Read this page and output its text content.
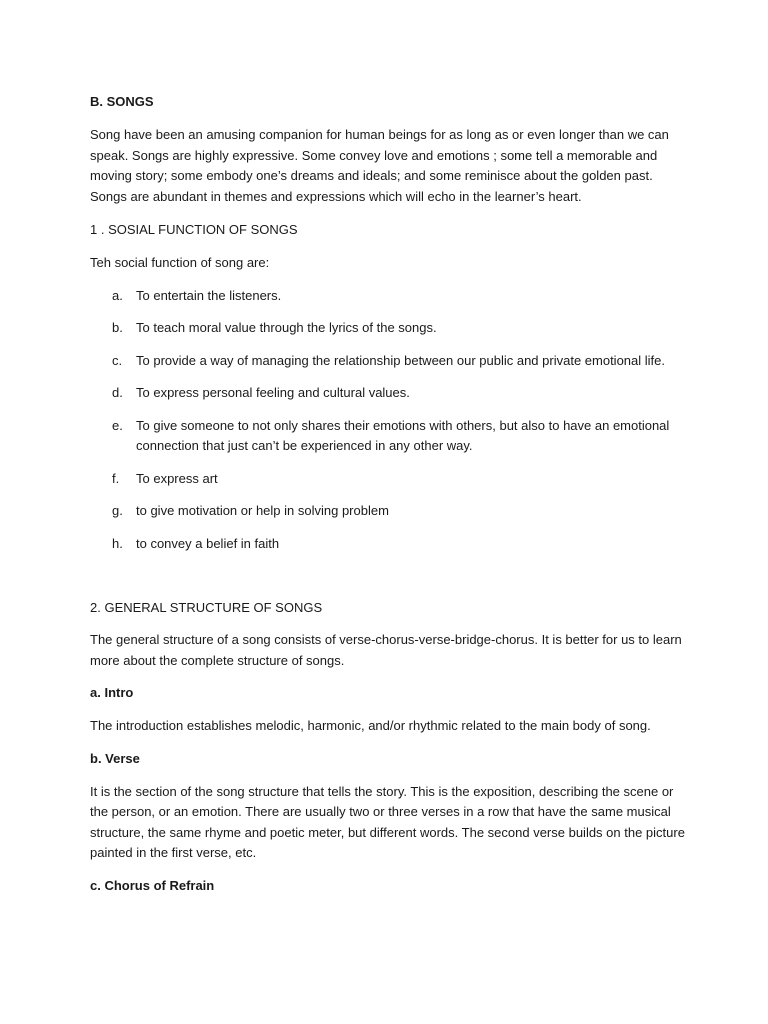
B. SONGS

Song have been an amusing companion for human beings for as long as or even longer than we can speak. Songs are highly expressive. Some convey love and emotions ; some tell a memorable and moving story; some embody one’s dreams and ideals; and some reminisce about the golden past. Songs are abundant in themes and expressions which will echo in the learner’s heart.

1 . SOSIAL FUNCTION OF SONGS

Teh social function of song are:

a.	To entertain the listeners.
b.	To teach moral value through the lyrics of the songs.
c.	To provide a way of managing the relationship between our public and private emotional life.
d.	To express personal feeling and cultural values.
e.	To give someone to not only shares their emotions with others, but also to have an emotional connection that just can’t be experienced in any other way.
f.	To express art
g.	to give motivation or help in solving problem
h.	to convey a belief in faith

2. GENERAL STRUCTURE OF SONGS

The general structure of a song consists of verse-chorus-verse-bridge-chorus. It is better for us to learn more about the complete structure of songs.

a. Intro

The introduction establishes melodic, harmonic, and/or rhythmic related to the main body of song.

b. Verse

It is the section of the song structure that tells the story. This is the exposition, describing the scene or the person, or an emotion. There are usually two or three verses in a row that have the same musical structure, the same rhyme and poetic meter, but different words. The second verse builds on the picture painted in the first verse, etc.

c. Chorus of Refrain
